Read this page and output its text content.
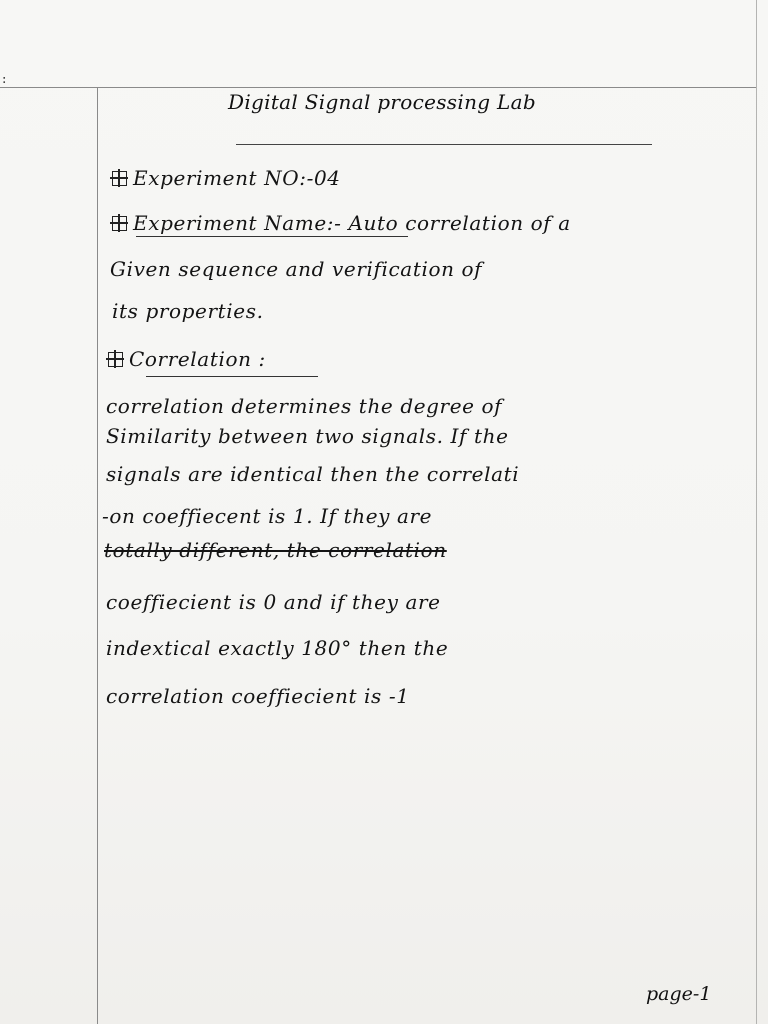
:
Digital Signal processing Lab
Experiment NO:-04
Experiment Name:- Auto correlation of a
Given sequence and verification of
its properties.
Correlation :
correlation determines the degree of
Similarity between two signals. If the
signals are identical then the correlati
-on coeffiecent is 1. If they are
totally different, the correlation
coeffiecient is 0 and if they are
indextical exactly 180° then the
correlation coeffiecient is -1
page-1
